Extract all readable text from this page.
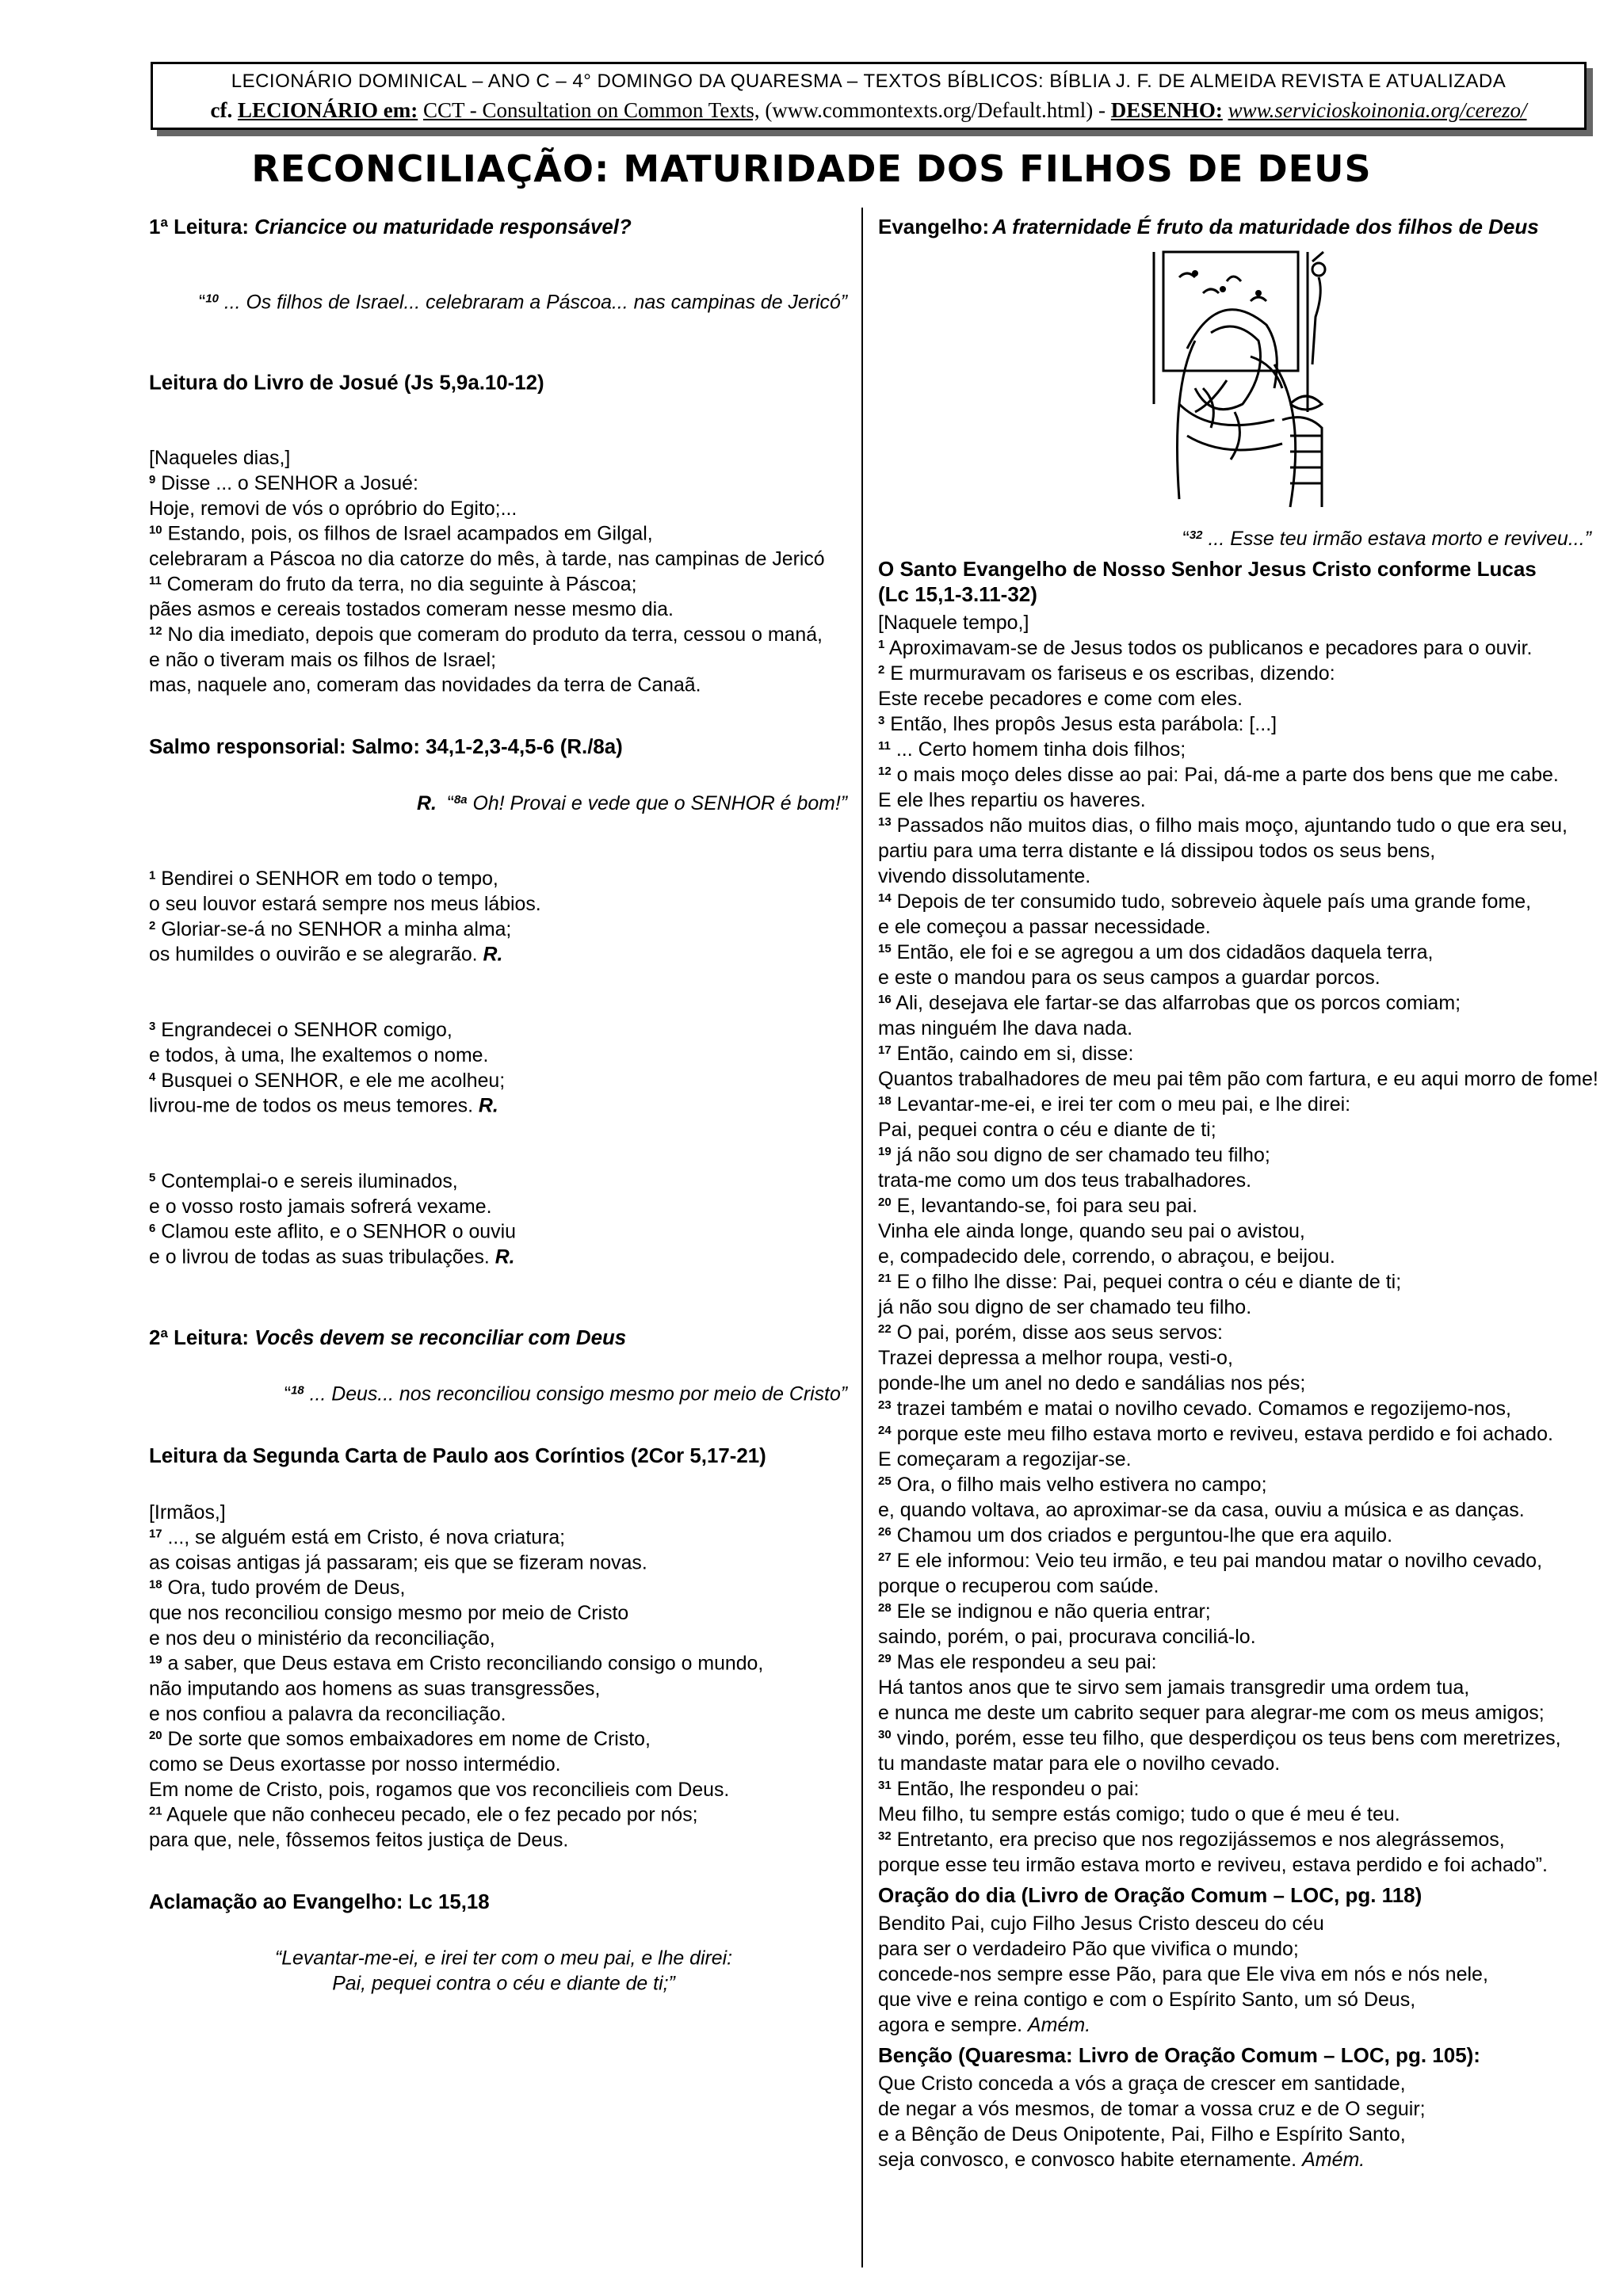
LECIONÁRIO DOMINICAL – ANO C – 4° DOMINGO DA QUARESMA – TEXTOS BÍBLICOS: BÍBLIA J. F. DE ALMEIDA REVISTA E ATUALIZADA
cf. LECIONÁRIO em: CCT - Consultation on Common Texts, (www.commontexts.org/Default.html) - DESENHO: www.servicioskoinonia.org/cerezo/
RECONCILIAÇÃO: MATURIDADE DOS FILHOS DE DEUS
1ª Leitura: Criancice ou maturidade responsável?
“$^{10}$ ... Os filhos de Israel... celebraram a Páscoa... nas campinas de Jericó”
Leitura do Livro de Josué (Js 5,9a.10-12)
[Naqueles dias,]
$^9$ Disse ... o SENHOR a Josué:
Hoje, removi de vós o opróbrio do Egito;...
$^{10}$ Estando, pois, os filhos de Israel acampados em Gilgal,
celebraram a Páscoa no dia catorze do mês, à tarde, nas campinas de Jericó
$^{11}$ Comeram do fruto da terra, no dia seguinte à Páscoa;
pães asmos e cereais tostados comeram nesse mesmo dia.
$^{12}$ No dia imediato, depois que comeram do produto da terra, cessou o maná,
e não o tiveram mais os filhos de Israel;
mas, naquele ano, comeram das novidades da terra de Canaã.
Salmo responsorial: Salmo: 34,1-2,3-4,5-6 (R./8a)
R. “$^{8a}$ Oh! Provai e vede que o SENHOR é bom!”
$^1$ Bendirei o SENHOR em todo o tempo,
o seu louvor estará sempre nos meus lábios.
$^2$ Gloriar-se-á no SENHOR a minha alma;
os humildes o ouvirão e se alegrarão. R.
$^3$ Engrandecei o SENHOR comigo,
e todos, à uma, lhe exaltemos o nome.
$^4$ Busquei o SENHOR, e ele me acolheu;
livrou-me de todos os meus temores. R.
$^5$ Contemplai-o e sereis iluminados,
e o vosso rosto jamais sofrerá vexame.
$^6$ Clamou este aflito, e o SENHOR o ouviu
e o livrou de todas as suas tribulações. R.
2ª Leitura: Vocês devem se reconciliar com Deus
“$^{18}$ ... Deus... nos reconciliou consigo mesmo por meio de Cristo”
Leitura da Segunda Carta de Paulo aos Coríntios (2Cor 5,17-21)
[Irmãos,]
$^{17}$ ..., se alguém está em Cristo, é nova criatura;
as coisas antigas já passaram; eis que se fizeram novas.
$^{18}$ Ora, tudo provém de Deus,
que nos reconciliou consigo mesmo por meio de Cristo
e nos deu o ministério da reconciliação,
$^{19}$ a saber, que Deus estava em Cristo reconciliando consigo o mundo,
não imputando aos homens as suas transgressões,
e nos confiou a palavra da reconciliação.
$^{20}$ De sorte que somos embaixadores em nome de Cristo,
como se Deus exortasse por nosso intermédio.
Em nome de Cristo, pois, rogamos que vos reconcilieis com Deus.
$^{21}$ Aquele que não conheceu pecado, ele o fez pecado por nós;
para que, nele, fôssemos feitos justiça de Deus.
Aclamação ao Evangelho: Lc 15,18
“Levantar-me-ei, e irei ter com o meu pai, e lhe direi:
Pai, pequei contra o céu e diante de ti;”
Evangelho: A fraternidade É fruto da maturidade dos filhos de Deus
“$^{32}$ ... Esse teu irmão estava morto e reviveu...”
O Santo Evangelho de Nosso Senhor Jesus Cristo conforme Lucas
(Lc 15,1-3.11-32)
[Naquele tempo,]
$^1$ Aproximavam-se de Jesus todos os publicanos e pecadores para o ouvir.
$^2$ E murmuravam os fariseus e os escribas, dizendo:
Este recebe pecadores e come com eles.
$^3$ Então, lhes propôs Jesus esta parábola: [...]
$^{11}$ ... Certo homem tinha dois filhos;
$^{12}$ o mais moço deles disse ao pai: Pai, dá-me a parte dos bens que me cabe.
E ele lhes repartiu os haveres.
$^{13}$ Passados não muitos dias, o filho mais moço, ajuntando tudo o que era seu,
partiu para uma terra distante e lá dissipou todos os seus bens,
vivendo dissolutamente.
$^{14}$ Depois de ter consumido tudo, sobreveio àquele país uma grande fome,
e ele começou a passar necessidade.
$^{15}$ Então, ele foi e se agregou a um dos cidadãos daquela terra,
e este o mandou para os seus campos a guardar porcos.
$^{16}$ Ali, desejava ele fartar-se das alfarrobas que os porcos comiam;
mas ninguém lhe dava nada.
$^{17}$ Então, caindo em si, disse:
Quantos trabalhadores de meu pai têm pão com fartura, e eu aqui morro de fome!
$^{18}$ Levantar-me-ei, e irei ter com o meu pai, e lhe direi:
Pai, pequei contra o céu e diante de ti;
$^{19}$ já não sou digno de ser chamado teu filho;
trata-me como um dos teus trabalhadores.
$^{20}$ E, levantando-se, foi para seu pai.
Vinha ele ainda longe, quando seu pai o avistou,
e, compadecido dele, correndo, o abraçou, e beijou.
$^{21}$ E o filho lhe disse: Pai, pequei contra o céu e diante de ti;
já não sou digno de ser chamado teu filho.
$^{22}$ O pai, porém, disse aos seus servos:
Trazei depressa a melhor roupa, vesti-o,
ponde-lhe um anel no dedo e sandálias nos pés;
$^{23}$ trazei também e matai o novilho cevado. Comamos e regozijemo-nos,
$^{24}$ porque este meu filho estava morto e reviveu, estava perdido e foi achado.
E começaram a regozijar-se.
$^{25}$ Ora, o filho mais velho estivera no campo;
e, quando voltava, ao aproximar-se da casa, ouviu a música e as danças.
$^{26}$ Chamou um dos criados e perguntou-lhe que era aquilo.
$^{27}$ E ele informou: Veio teu irmão, e teu pai mandou matar o novilho cevado,
porque o recuperou com saúde.
$^{28}$ Ele se indignou e não queria entrar;
saindo, porém, o pai, procurava conciliá-lo.
$^{29}$ Mas ele respondeu a seu pai:
Há tantos anos que te sirvo sem jamais transgredir uma ordem tua,
e nunca me deste um cabrito sequer para alegrar-me com os meus amigos;
$^{30}$ vindo, porém, esse teu filho, que desperdiçou os teus bens com meretrizes,
tu mandaste matar para ele o novilho cevado.
$^{31}$ Então, lhe respondeu o pai:
Meu filho, tu sempre estás comigo; tudo o que é meu é teu.
$^{32}$ Entretanto, era preciso que nos regozijássemos e nos alegrássemos,
porque esse teu irmão estava morto e reviveu, estava perdido e foi achado”.
Oração do dia (Livro de Oração Comum – LOC, pg. 118)
Bendito Pai, cujo Filho Jesus Cristo desceu do céu
para ser o verdadeiro Pão que vivifica o mundo;
concede-nos sempre esse Pão, para que Ele viva em nós e nós nele,
que vive e reina contigo e com o Espírito Santo, um só Deus,
agora e sempre. Amém.
Benção (Quaresma: Livro de Oração Comum – LOC, pg. 105):
Que Cristo conceda a vós a graça de crescer em santidade,
de negar a vós mesmos, de tomar a vossa cruz e de O seguir;
e a Bênção de Deus Onipotente, Pai, Filho e Espírito Santo,
seja convosco, e convosco habite eternamente. Amém.
